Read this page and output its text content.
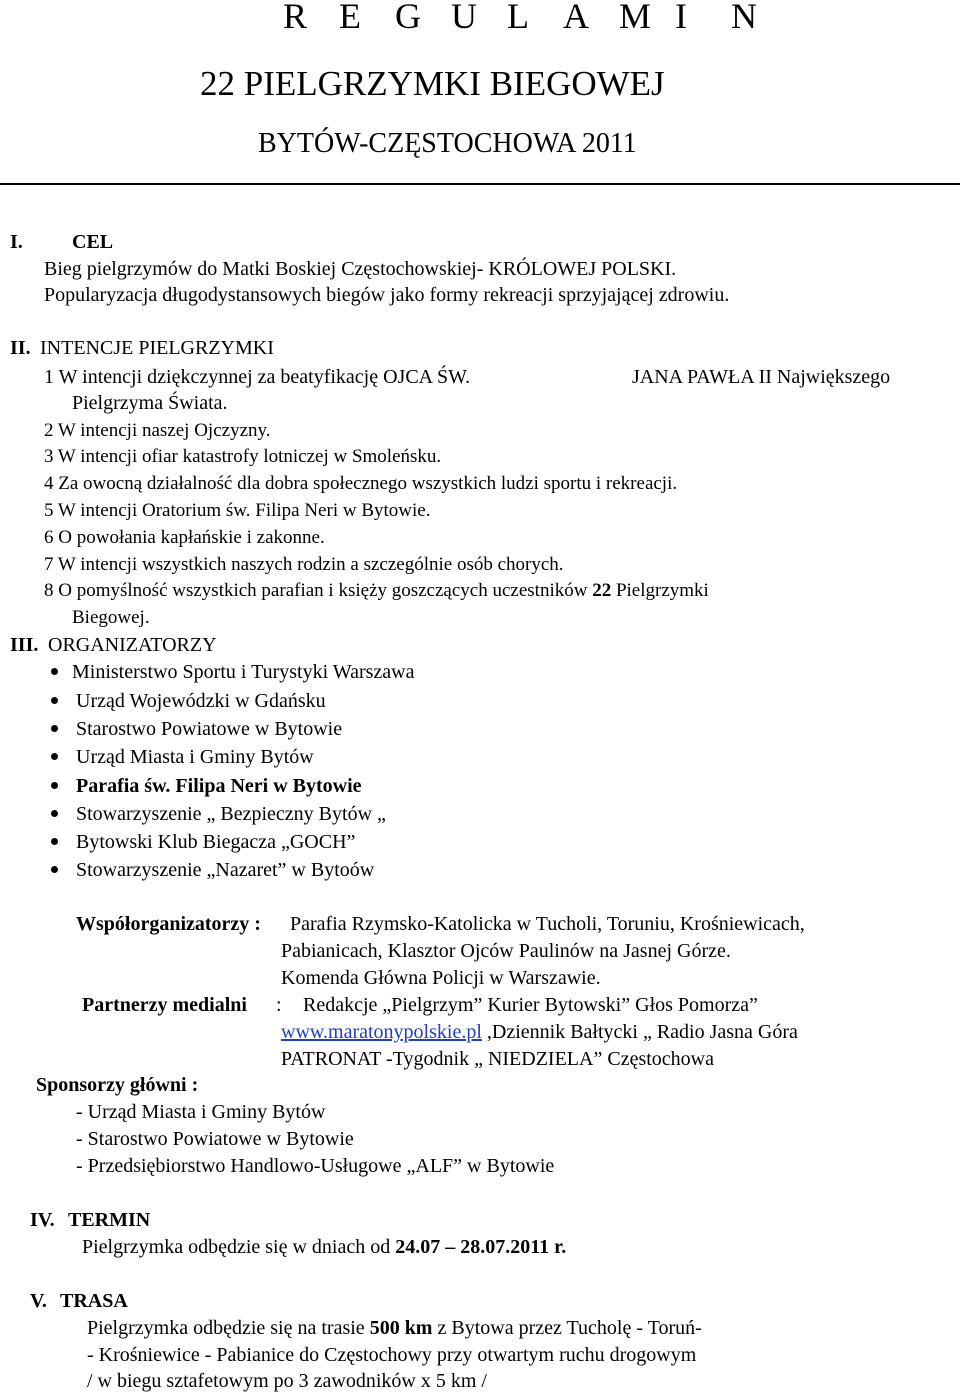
R E G U L A M I N
22 PIELGRZYMKI BIEGOWEJ
BYTÓW-CZĘSTOCHOWA 2011
I. CEL
Bieg pielgrzymów do Matki Boskiej Częstochowskiej- KRÓLOWEJ POLSKI.
Popularyzacja długodystansowych biegów jako formy rekreacji sprzyjającej zdrowiu.
II. INTENCJE PIELGRZYMKI
1 W intencji dziękczynnej za beatyfikację OJCA ŚW.	JANA PAWŁA II Największego
Pielgrzyma Świata.
2 W intencji naszej Ojczyzny.
3 W intencji ofiar katastrofy lotniczej w Smoleńsku.
4 Za owocną działalność dla dobra społecznego wszystkich ludzi sportu i rekreacji.
5 W intencji Oratorium św. Filipa Neri w Bytowie.
6 O powołania kapłańskie i zakonne.
7 W intencji wszystkich naszych rodzin a szczególnie osób chorych.
8 O pomyślność wszystkich parafian i księży goszczących uczestników 22 Pielgrzymki
Biegowej.
III. ORGANIZATORZY
Ministerstwo Sportu i Turystyki Warszawa
Urząd Wojewódzki w Gdańsku
Starostwo Powiatowe w Bytowie
Urząd Miasta i Gminy Bytów
Parafia św. Filipa Neri w Bytowie
Stowarzyszenie „ Bezpieczny Bytów „
Bytowski Klub Biegacza „GOCH”
Stowarzyszenie „Nazaret” w Bytoów
Współorganizatorzy : Parafia Rzymsko-Katolicka w Tucholi, Toruniu, Krośniewicach,
Pabianicach, Klasztor Ojców Paulinów na Jasnej Górze.
Komenda Główna Policji w Warszawie.
Partnerzy medialni : Redakcje „Pielgrzym” Kurier Bytowski” Głos Pomorza”
www.maratonypolskie.pl ,Dziennik Bałtycki „ Radio Jasna Góra
PATRONAT -Tygodnik „ NIEDZIELA” Częstochowa
Sponsorzy główni :
- Urząd Miasta i Gminy Bytów
- Starostwo Powiatowe w Bytowie
- Przedsiębiorstwo Handlowo-Usługowe „ALF” w Bytowie
IV. TERMIN
Pielgrzymka odbędzie się w dniach od 24.07 – 28.07.2011 r.
V. TRASA
Pielgrzymka odbędzie się na trasie 500 km z Bytowa przez Tucholę - Toruń-
- Krośniewice - Pabianice do Częstochowy przy otwartym ruchu drogowym
/ w biegu sztafetowym po 3 zawodników x 5 km /
